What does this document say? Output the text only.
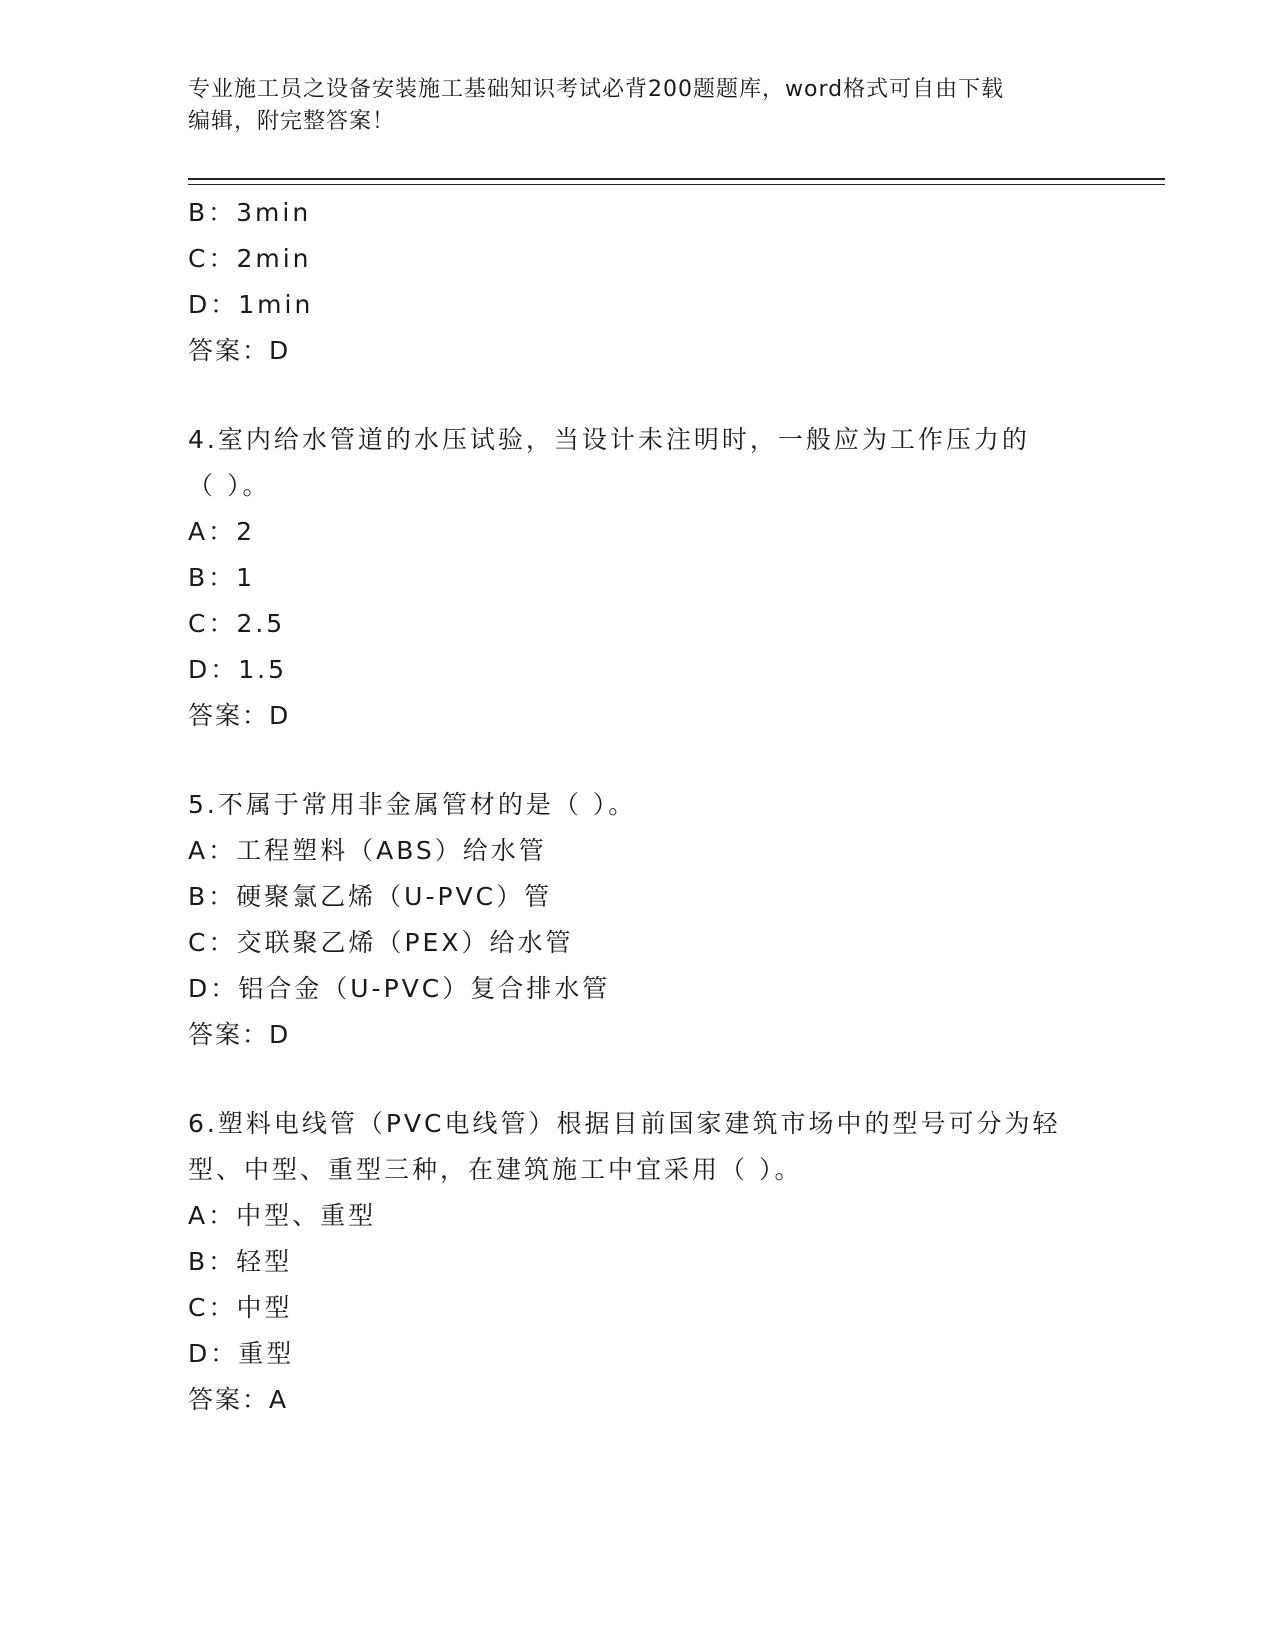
专业施工员之设备安装施工基础知识考试必背200题题库，word格式可自由下载
编辑，附完整答案！
B：3min
C：2min
D：1min
答案：D
4.室内给水管道的水压试验，当设计未注明时，一般应为工作压力的
（ ）。
A：2
B：1
C：2.5
D：1.5
答案：D
5.不属于常用非金属管材的是（ ）。
A：工程塑料（ABS）给水管
B：硬聚氯乙烯（U-PVC）管
C：交联聚乙烯（PEX）给水管
D：铝合金（U-PVC）复合排水管
答案：D
6.塑料电线管（PVC电线管）根据目前国家建筑市场中的型号可分为轻
型、中型、重型三种，在建筑施工中宜采用（ ）。
A：中型、重型
B：轻型
C：中型
D：重型
答案：A
